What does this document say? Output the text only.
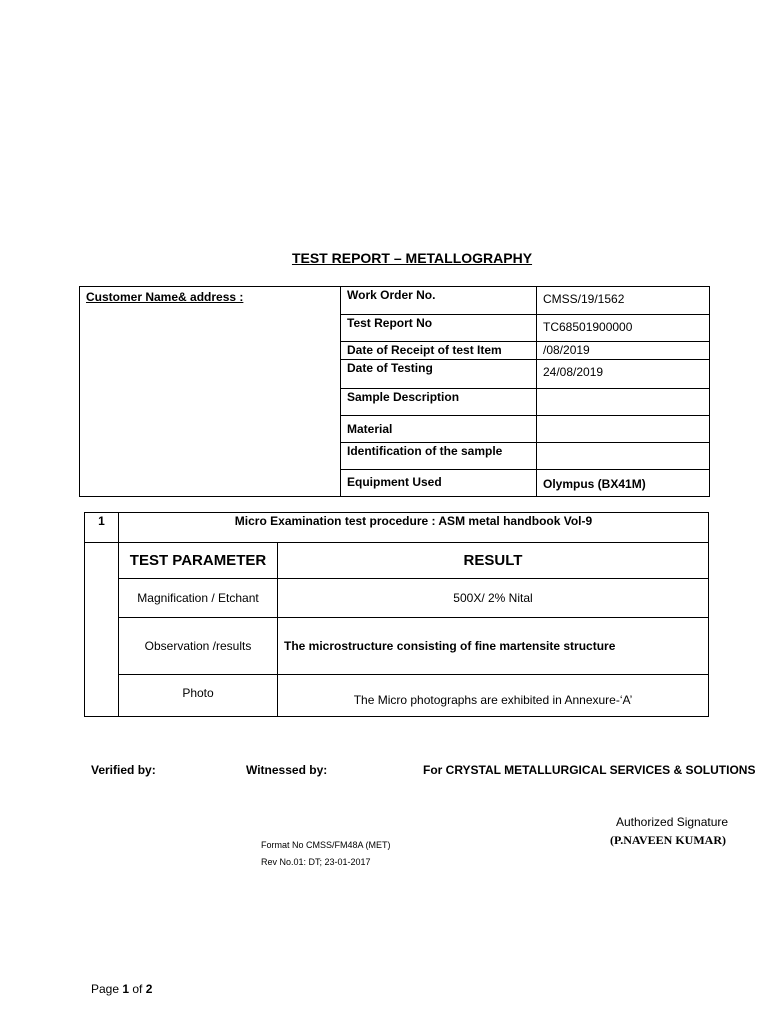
TEST REPORT – METALLOGRAPHY
Customer Name& address :	Work Order No.	CMSS/19/1562
	Test Report No	TC68501900000
	Date of Receipt of test Item	/08/2019
	Date of Testing	24/08/2019
	Sample Description	
	Material	
	Identification of the sample	
	Equipment Used	Olympus (BX41M)
1	Micro Examination test procedure : ASM metal handbook Vol-9	
	TEST PARAMETER	RESULT
	Magnification / Etchant	500X/ 2% Nital
	Observation /results	The microstructure consisting of fine martensite structure
	Photo	The Micro photographs are exhibited in Annexure-‘A’
Verified by:	Witnessed by:	For CRYSTAL METALLURGICAL SERVICES & SOLUTIONS
Authorized Signature
(P.NAVEEN KUMAR)
Format No CMSS/FM48A (MET)
Rev No.01: DT; 23-01-2017
Page 1 of 2
